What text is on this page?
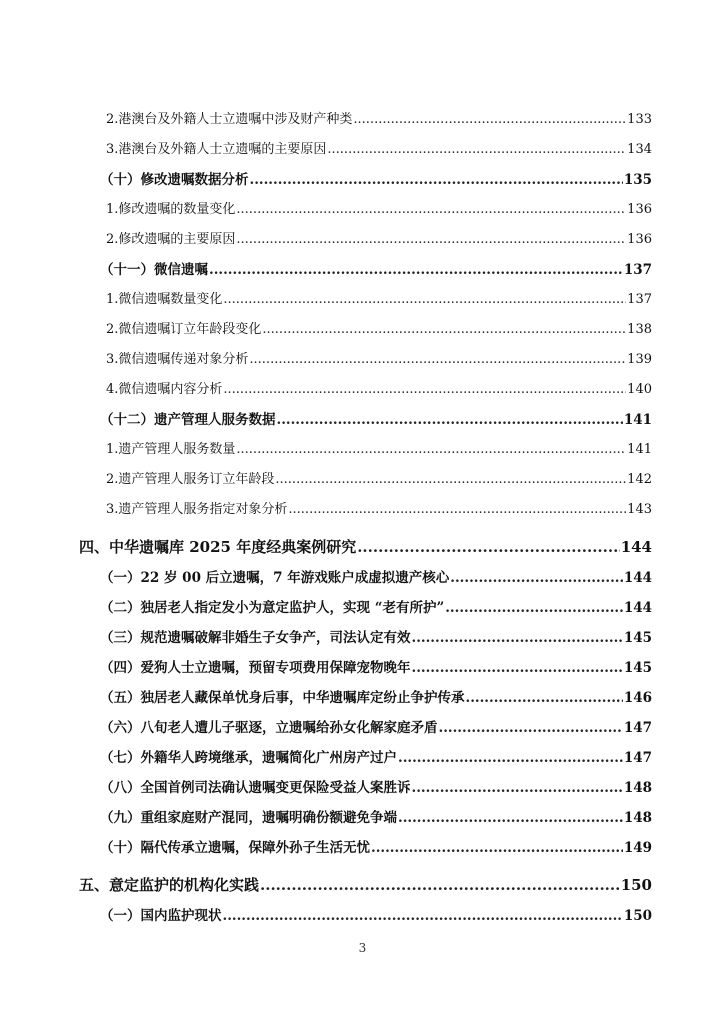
2.港澳台及外籍人士立遗嘱中涉及财产种类 .....	133
3.港澳台及外籍人士立遗嘱的主要原因 .....	134
（十）修改遗嘱数据分析 .....	135
1.修改遗嘱的数量变化 .....	136
2.修改遗嘱的主要原因 .....	136
（十一）微信遗嘱 .....	137
1.微信遗嘱数量变化 .....	137
2.微信遗嘱订立年龄段变化 .....	138
3.微信遗嘱传递对象分析 .....	139
4.微信遗嘱内容分析 .....	140
（十二）遗产管理人服务数据 .....	141
1.遗产管理人服务数量 .....	141
2.遗产管理人服务订立年龄段 .....	142
3.遗产管理人服务指定对象分析 .....	143
四、中华遗嘱库 2025 年度经典案例研究 .....	144
（一）22 岁 00 后立遗嘱，7 年游戏账户成虚拟遗产核心 .....	144
（二）独居老人指定发小为意定监护人，实现 “老有所护” .....	144
（三）规范遗嘱破解非婚生子女争产，司法认定有效 .....	145
（四）爱狗人士立遗嘱，预留专项费用保障宠物晚年 .....	145
（五）独居老人藏保单忧身后事，中华遗嘱库定纷止争护传承 .....	146
（六）八旬老人遭儿子驱逐，立遗嘱给孙女化解家庭矛盾 .....	147
（七）外籍华人跨境继承，遗嘱简化广州房产过户 .....	147
（八）全国首例司法确认遗嘱变更保险受益人案胜诉 .....	148
（九）重组家庭财产混同，遗嘱明确份额避免争端 .....	148
（十）隔代传承立遗嘱，保障外孙子生活无忧 .....	149
五、意定监护的机构化实践 .....	150
（一）国内监护现状 .....	150
3
